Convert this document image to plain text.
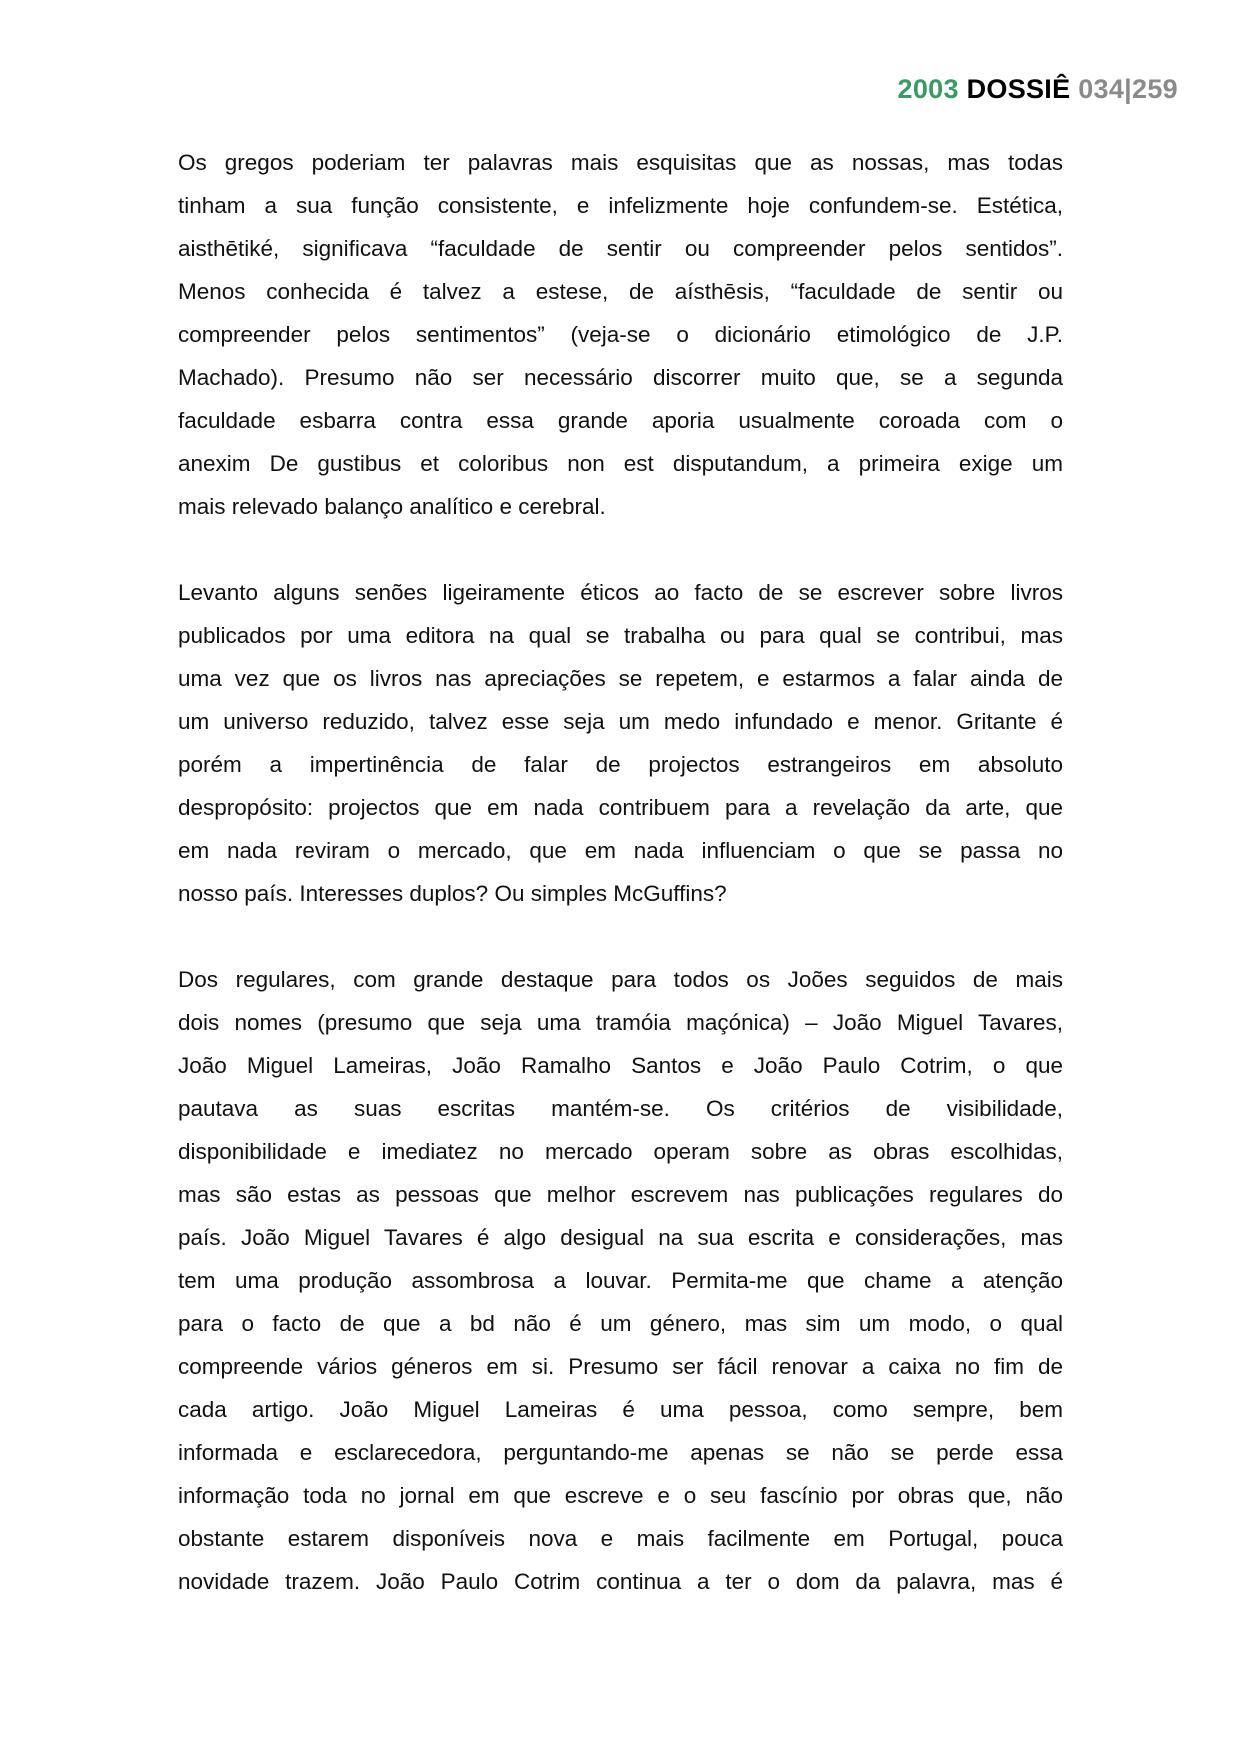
2003 DOSSIÊ 034|259
Os gregos poderiam ter palavras mais esquisitas que as nossas, mas todas
tinham a sua função consistente, e infelizmente hoje confundem-se. Estética,
aisthētiké, significava “faculdade de sentir ou compreender pelos sentidos”.
Menos conhecida é talvez a estese, de aísthēsis, “faculdade de sentir ou
compreender pelos sentimentos” (veja-se o dicionário etimológico de J.P.
Machado). Presumo não ser necessário discorrer muito que, se a segunda
faculdade esbarra contra essa grande aporia usualmente coroada com o
anexim De gustibus et coloribus non est disputandum, a primeira exige um
mais relevado balanço analítico e cerebral.
Levanto alguns senões ligeiramente éticos ao facto de se escrever sobre livros
publicados por uma editora na qual se trabalha ou para qual se contribui, mas
uma vez que os livros nas apreciações se repetem, e estarmos a falar ainda de
um universo reduzido, talvez esse seja um medo infundado e menor. Gritante é
porém a impertinência de falar de projectos estrangeiros em absoluto
despropósito: projectos que em nada contribuem para a revelação da arte, que
em nada reviram o mercado, que em nada influenciam o que se passa no
nosso país. Interesses duplos? Ou simples McGuffins?
Dos regulares, com grande destaque para todos os Joões seguidos de mais
dois nomes (presumo que seja uma tramóia maçónica) – João Miguel Tavares,
João Miguel Lameiras, João Ramalho Santos e João Paulo Cotrim, o que
pautava as suas escritas mantém-se. Os critérios de visibilidade,
disponibilidade e imediatez no mercado operam sobre as obras escolhidas,
mas são estas as pessoas que melhor escrevem nas publicações regulares do
país. João Miguel Tavares é algo desigual na sua escrita e considerações, mas
tem uma produção assombrosa a louvar. Permita-me que chame a atenção
para o facto de que a bd não é um género, mas sim um modo, o qual
compreende vários géneros em si. Presumo ser fácil renovar a caixa no fim de
cada artigo. João Miguel Lameiras é uma pessoa, como sempre, bem
informada e esclarecedora, perguntando-me apenas se não se perde essa
informação toda no jornal em que escreve e o seu fascínio por obras que, não
obstante estarem disponíveis nova e mais facilmente em Portugal, pouca
novidade trazem. João Paulo Cotrim continua a ter o dom da palavra, mas é
